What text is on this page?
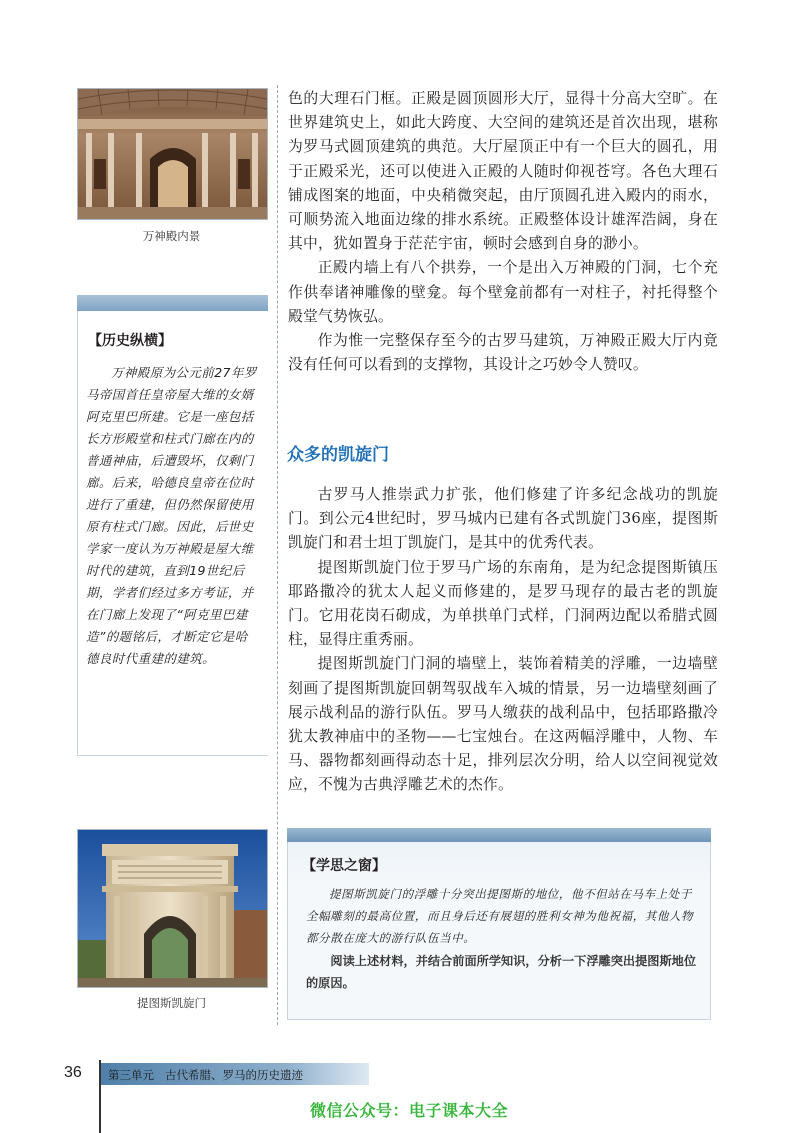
万神殿内景
【历史纵横】
万神殿原为公元前27年罗马帝国首任皇帝屋大维的女婿阿克里巴所建。它是一座包括长方形殿堂和柱式门廊在内的普通神庙，后遭毁坏，仅剩门廊。后来，哈德良皇帝在位时进行了重建，但仍然保留使用原有柱式门廊。因此，后世史学家一度认为万神殿是屋大维时代的建筑，直到19世纪后期，学者们经过多方考证，并在门廊上发现了“阿克里巴建造”的题铭后，才断定它是哈德良时代重建的建筑。

色的大理石门框。正殿是圆顶圆形大厅，显得十分高大空旷。在世界建筑史上，如此大跨度、大空间的建筑还是首次出现，堪称为罗马式圆顶建筑的典范。大厅屋顶正中有一个巨大的圆孔，用于正殿采光，还可以使进入正殿的人随时仰视苍穹。各色大理石铺成图案的地面，中央稍微突起，由厅顶圆孔进入殿内的雨水，可顺势流入地面边缘的排水系统。正殿整体设计雄浑浩阔，身在其中，犹如置身于茫茫宇宙，顿时会感到自身的渺小。

正殿内墙上有八个拱券，一个是出入万神殿的门洞，七个充作供奉诸神雕像的壁龛。每个壁龛前都有一对柱子，衬托得整个殿堂气势恢弘。

作为惟一完整保存至今的古罗马建筑，万神殿正殿大厅内竟没有任何可以看到的支撑物，其设计之巧妙令人赞叹。

众多的凯旋门

古罗马人推崇武力扩张，他们修建了许多纪念战功的凯旋门。到公元4世纪时，罗马城内已建有各式凯旋门36座，提图斯凯旋门和君士坦丁凯旋门，是其中的优秀代表。

提图斯凯旋门位于罗马广场的东南角，是为纪念提图斯镇压耶路撒冷的犹太人起义而修建的，是罗马现存的最古老的凯旋门。它用花岗石砌成，为单拱单门式样，门洞两边配以希腊式圆柱，显得庄重秀丽。

提图斯凯旋门门洞的墙壁上，装饰着精美的浮雕，一边墙壁刻画了提图斯凯旋回朝驾驭战车入城的情景，另一边墙壁刻画了展示战利品的游行队伍。罗马人缴获的战利品中，包括耶路撒冷犹太教神庙中的圣物——七宝烛台。在这两幅浮雕中，人物、车马、器物都刻画得动态十足，排列层次分明，给人以空间视觉效应，不愧为古典浮雕艺术的杰作。

提图斯凯旋门
【学思之窗】
提图斯凯旋门的浮雕十分突出提图斯的地位，他不但站在马车上处于全幅雕刻的最高位置，而且身后还有展翅的胜利女神为他祝福，其他人物都分散在庞大的游行队伍当中。
阅读上述材料，并结合前面所学知识，分析一下浮雕突出提图斯地位的原因。
36 第三单元   古代希腊、罗马的历史遗迹
微信公众号：电子课本大全
